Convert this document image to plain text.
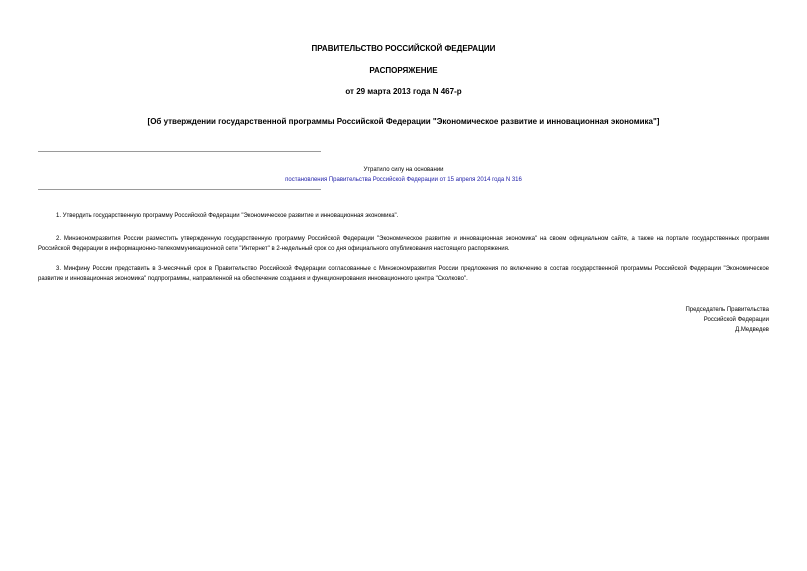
ПРАВИТЕЛЬСТВО РОССИЙСКОЙ ФЕДЕРАЦИИ
РАСПОРЯЖЕНИЕ
от 29 марта 2013 года N 467-р
[Об утверждении государственной программы Российской Федерации "Экономическое развитие и инновационная экономика"]
Утратило силу на основании
постановления Правительства Российской Федерации от 15 апреля 2014 года N 316
1. Утвердить государственную программу Российской Федерации "Экономическое развитие и инновационная экономика".
2. Минэкономразвития России разместить утвержденную государственную программу Российской Федерации "Экономическое развитие и инновационная экономика" на своем официальном сайте, а также на портале государственных программ Российской Федерации в информационно-телекоммуникационной сети "Интернет" в 2-недельный срок со дня официального опубликования настоящего распоряжения.
3. Минфину России представить в 3-месячный срок в Правительство Российской Федерации согласованные с Минэкономразвития России предложения по включению в состав государственной программы Российской Федерации "Экономическое развитие и инновационная экономика" подпрограммы, направленной на обеспечение создания и функционирования инновационного центра "Сколково".
Председатель Правительства
Российской Федерации
Д.Медведев
